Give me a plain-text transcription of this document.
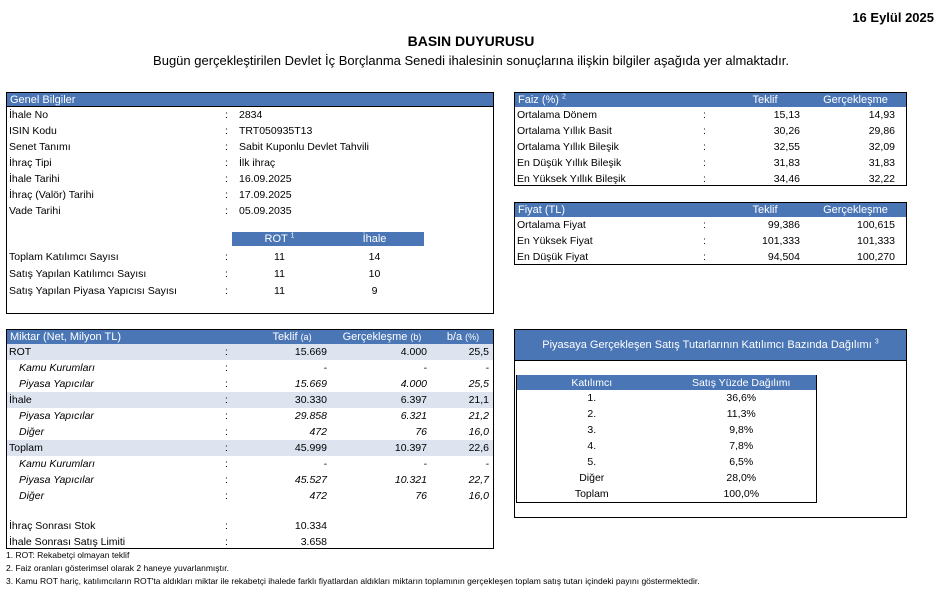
16 Eylül 2025
BASIN DUYURUSU
Bugün gerçekleştirilen Devlet İç Borçlanma Senedi ihalesinin sonuçlarına ilişkin bilgiler aşağıda yer almaktadır.
Genel Bilgiler
İhale No	: 2834
ISIN Kodu	: TRT050935T13
Senet Tanımı	: Sabit Kuponlu Devlet Tahvili
İhraç Tipi	: İlk ihraç
İhale Tarihi	: 16.09.2025
İhraç (Valör) Tarihi	: 17.09.2025
Vade Tarihi	: 05.09.2035
ROT $^1$	İhale
Toplam Katılımcı Sayısı	:	11	14
Satış Yapılan Katılımcı Sayısı	:	11	10
Satış Yapılan Piyasa Yapıcısı Sayısı	:	11	9
Faiz (%) $^2$	Teklif	Gerçekleşme
Ortalama Dönem	:	15,13	14,93
Ortalama Yıllık Basit	:	30,26	29,86
Ortalama Yıllık Bileşik	:	32,55	32,09
En Düşük Yıllık Bileşik	:	31,83	31,83
En Yüksek Yıllık Bileşik	:	34,46	32,22
Fiyat (TL)	Teklif	Gerçekleşme
Ortalama Fiyat	:	99,386	100,615
En Yüksek Fiyat	:	101,333	101,333
En Düşük Fiyat	:	94,504	100,270
Miktar (Net, Milyon TL)	Teklif (a)	Gerçekleşme (b)	b/a (%)
ROT	:	15.669	4.000	25,5
Kamu Kurumları	:	-	-	-
Piyasa Yapıcılar	:	15.669	4.000	25,5
İhale	:	30.330	6.397	21,1
Piyasa Yapıcılar	:	29.858	6.321	21,2
Diğer	:	472	76	16,0
Toplam	:	45.999	10.397	22,6
Kamu Kurumları	:	-	-	-
Piyasa Yapıcılar	:	45.527	10.321	22,7
Diğer	:	472	76	16,0
İhraç Sonrası Stok	:	10.334
İhale Sonrası Satış Limiti	:	3.658
Piyasaya Gerçekleşen Satış Tutarlarının Katılımcı Bazında Dağılımı $^3$
Katılımcı	Satış Yüzde Dağılımı
1.	36,6%
2.	11,3%
3.	9,8%
4.	7,8%
5.	6,5%
Diğer	28,0%
Toplam	100,0%
1. ROT: Rekabetçi olmayan teklif
2. Faiz oranları gösterimsel olarak 2 haneye yuvarlanmıştır.
3. Kamu ROT hariç, katılımcıların ROT'ta aldıkları miktar ile rekabetçi ihalede farklı fiyatlardan aldıkları miktarın toplamının gerçekleşen toplam satış tutarı içindeki payını göstermektedir.
